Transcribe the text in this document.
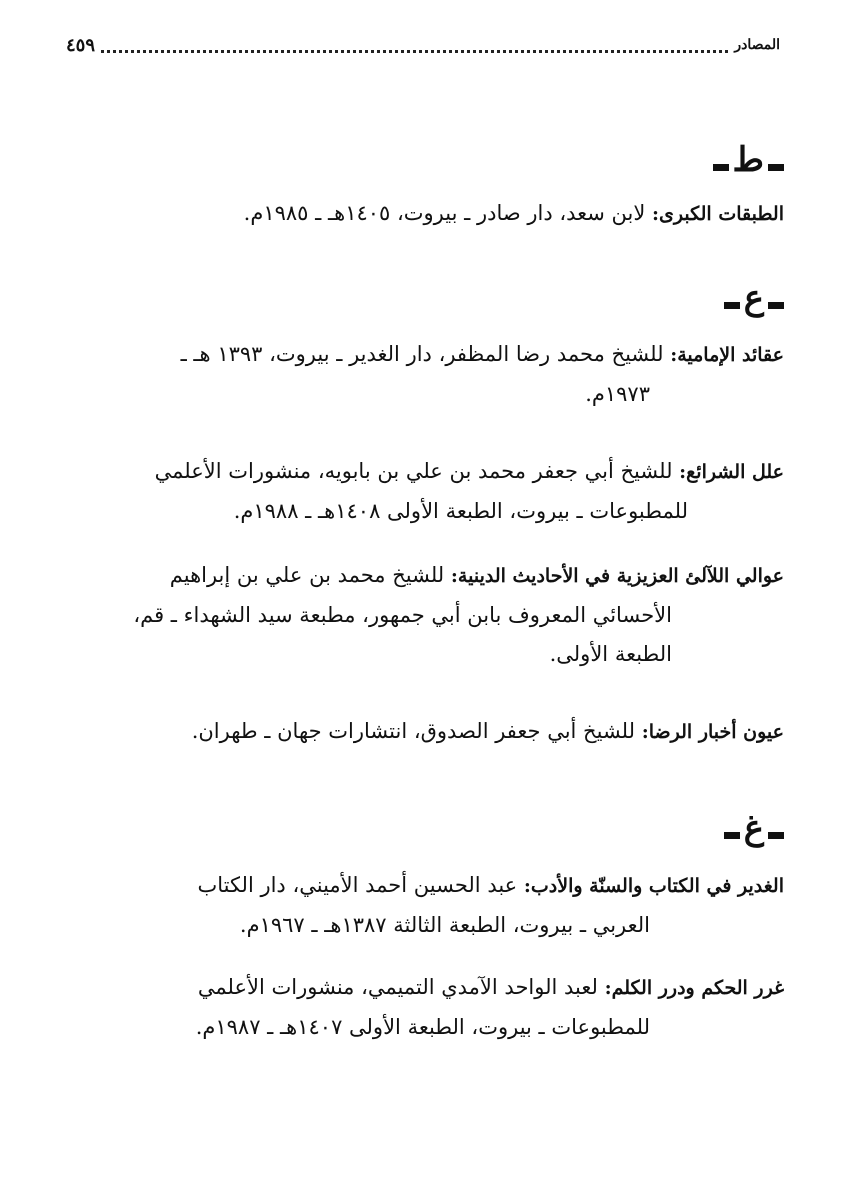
المصادر
٤٥٩
ط
الطبقات الكبرى: لابن سعد، دار صادر ـ بيروت، ١٤٠٥هـ ـ ١٩٨٥م.
ع
عقائد الإمامية: للشيخ محمد رضا المظفر، دار الغدير ـ بيروت، ١٣٩٣ هـ ـ
١٩٧٣م.
علل الشرائع: للشيخ أبي جعفر محمد بن علي بن بابويه، منشورات الأعلمي
للمطبوعات ـ بيروت، الطبعة الأولى ١٤٠٨هـ ـ ١٩٨٨م.
عوالي اللآلئ العزيزية في الأحاديث الدينية: للشيخ محمد بن علي بن إبراهيم
الأحسائي المعروف بابن أبي جمهور، مطبعة سيد الشهداء ـ قم،
الطبعة الأولى.
عيون أخبار الرضا: للشيخ أبي جعفر الصدوق، انتشارات جهان ـ طهران.
غ
الغدير في الكتاب والسنّة والأدب: عبد الحسين أحمد الأميني، دار الكتاب
العربي ـ بيروت، الطبعة الثالثة ١٣٨٧هـ ـ ١٩٦٧م.
غرر الحكم ودرر الكلم: لعبد الواحد الآمدي التميمي، منشورات الأعلمي
للمطبوعات ـ بيروت، الطبعة الأولى ١٤٠٧هـ ـ ١٩٨٧م.
